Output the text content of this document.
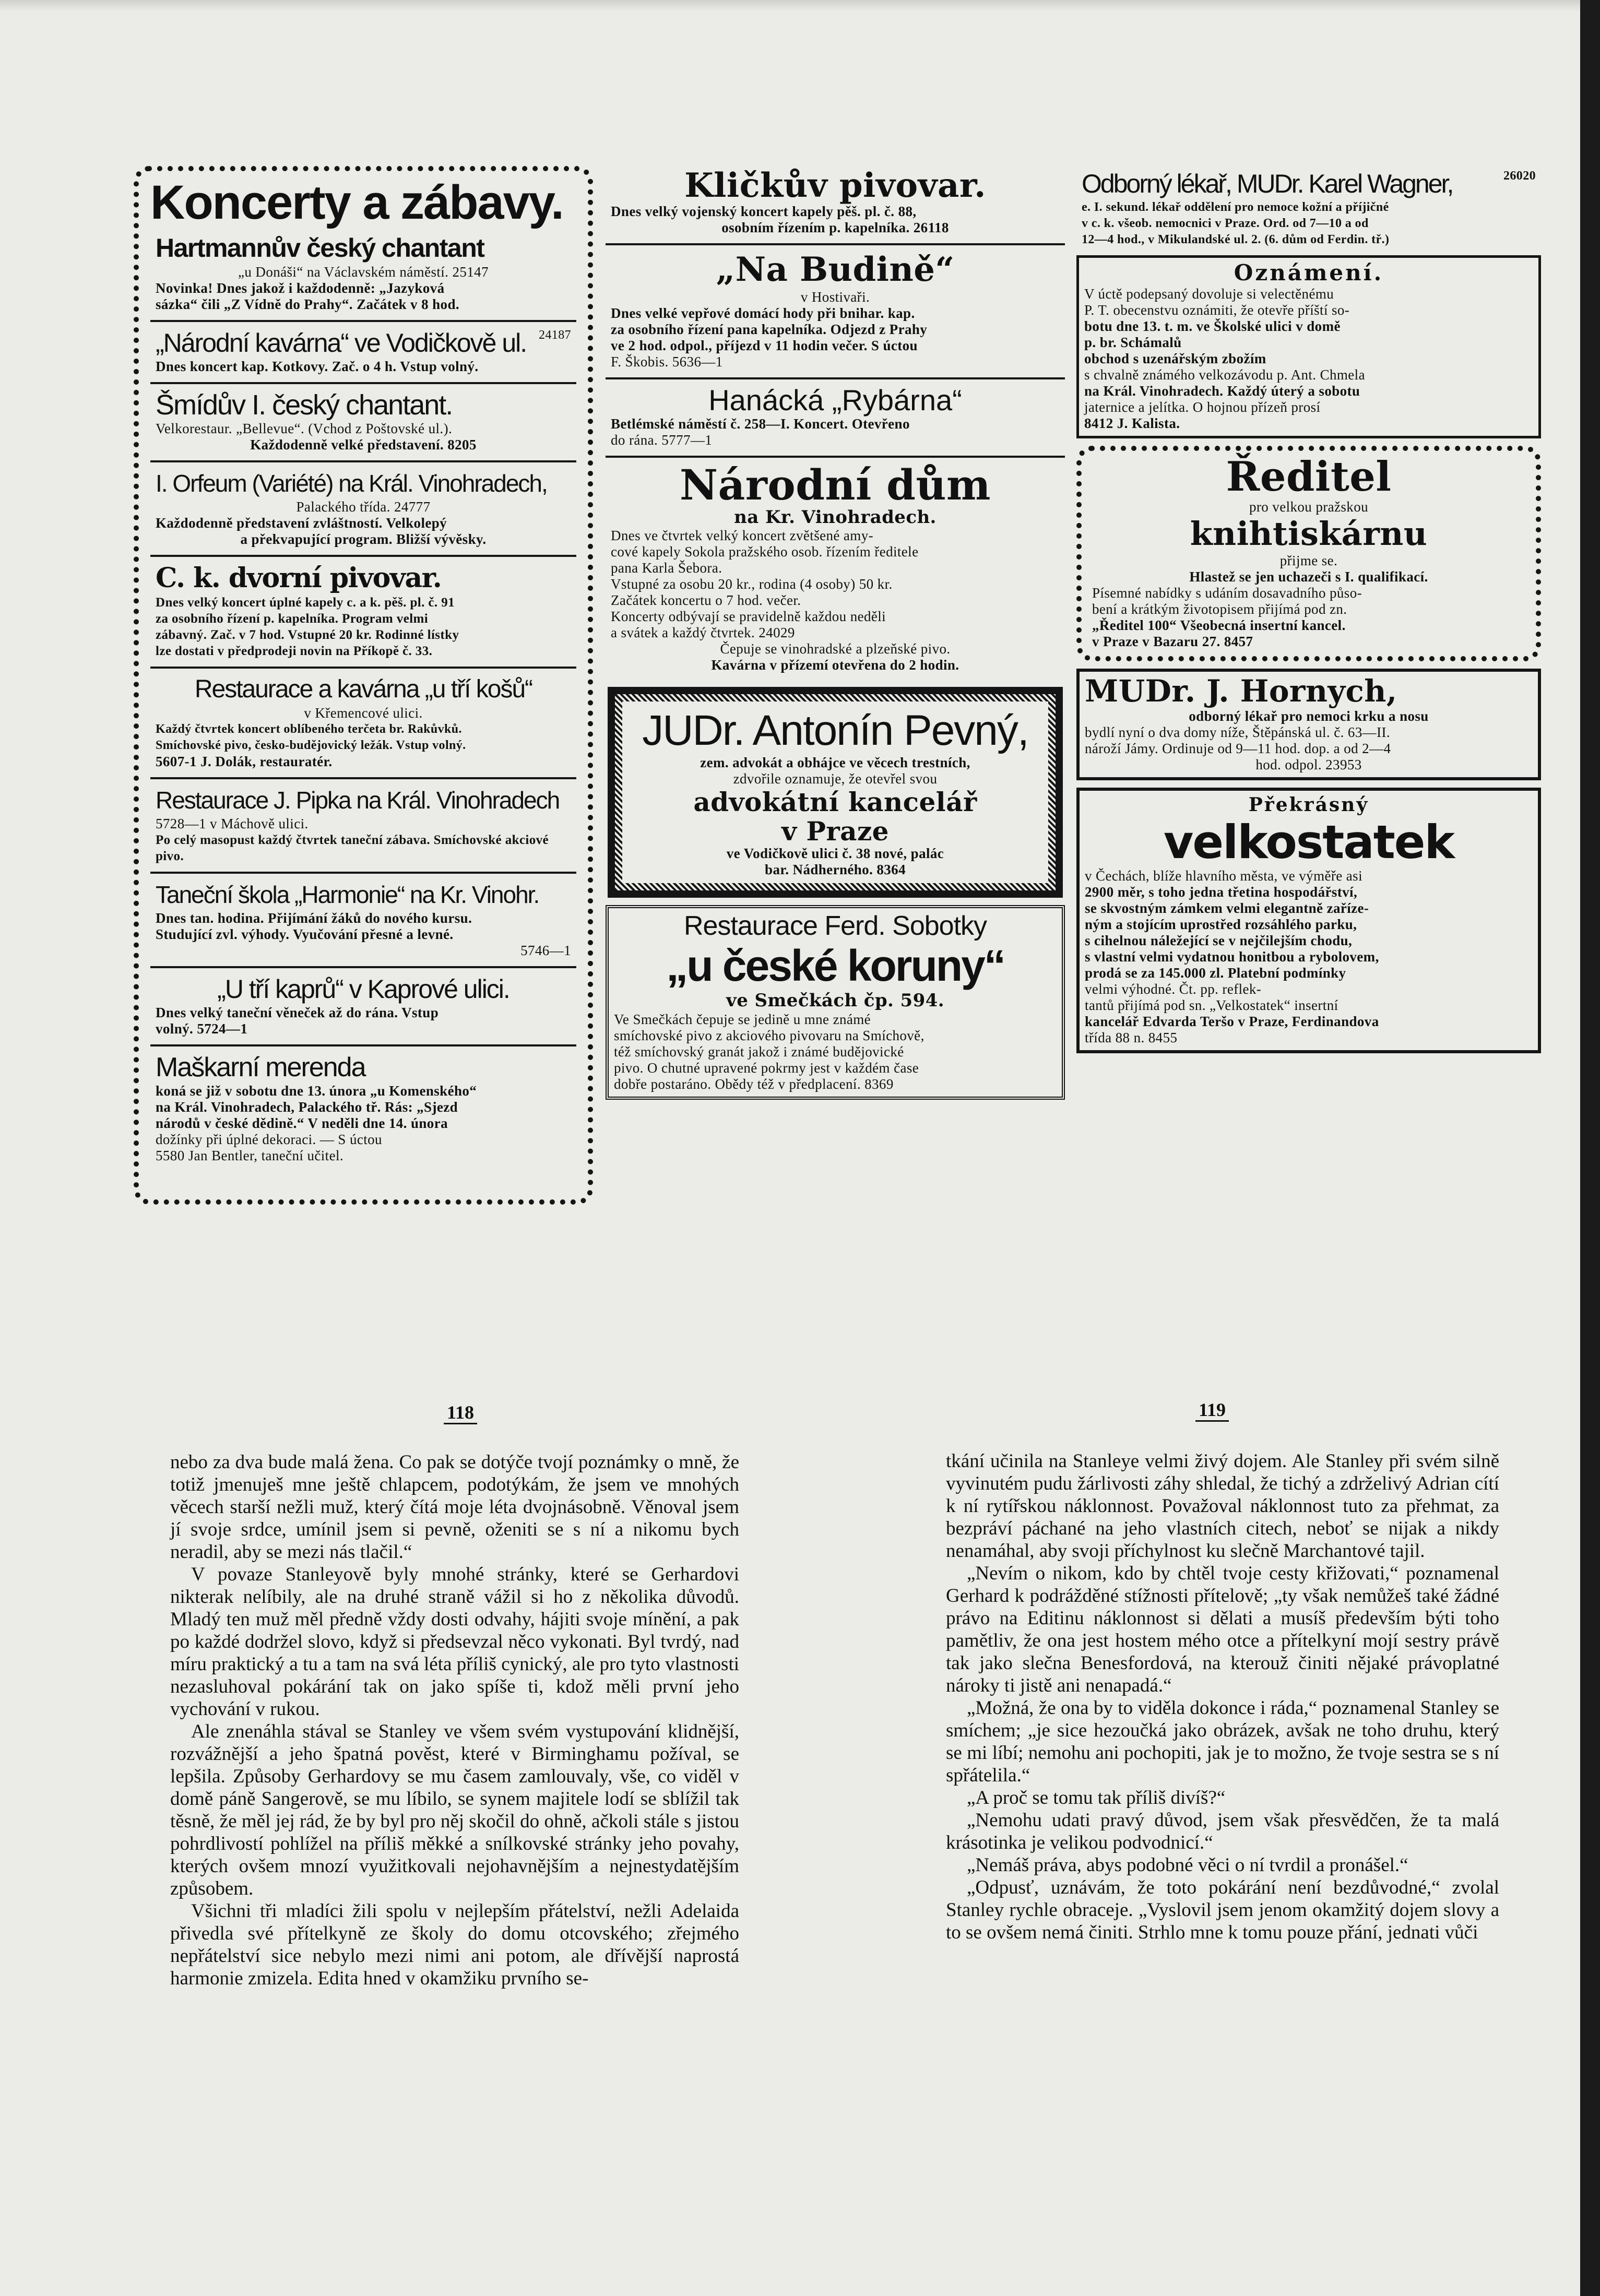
Koncerty a zábavy.
Hartmannův český chantant
„u Donáši“ na Václavském náměstí. 25147
Novinka! Dnes jakož i každodenně: „Jazyková
sázka“ čili „Z Vídně do Prahy“. Začátek v 8 hod.
„Národní kavárna“ ve Vodičkově ul. 24187
Dnes koncert kap. Kotkovy. Zač. o 4 h. Vstup volný.
Šmídův I. český chantant.
Velkorestaur. „Bellevue“. (Vchod z Poštovské ul.).
Každodenně velké představení. 8205
I. Orfeum (Variété) na Král. Vinohradech,
Palackého třída. 24777
Každodenně představení zvláštností. Velkolepý
a překvapující program. Bližší vývěsky.
C. k. dvorní pivovar.
Dnes velký koncert úplné kapely c. a k. pěš. pl. č. 91
za osobního řízení p. kapelníka. Program velmi
zábavný. Zač. v 7 hod. Vstupné 20 kr. Rodinné lístky
lze dostati v předprodeji novin na Příkopě č. 33.
Restaurace a kavárna „u tří košů“
v Křemencové ulici.
Každý čtvrtek koncert oblíbeného terčeta br. Rakůvků.
Smíchovské pivo, česko-budějovický ležák. Vstup volný.
5607-1 J. Dolák, restauratér.
Restaurace J. Pipka na Král. Vinohradech
5728—1 v Máchově ulici.
Po celý masopust každý čtvrtek taneční zábava. Smíchovské akciové pivo.
Taneční škola „Harmonie“ na Kr. Vinohr.
Dnes tan. hodina. Přijímání žáků do nového kursu.
Studující zvl. výhody. Vyučování přesné a levné.
5746—1
„U tří kaprů“ v Kaprové ulici.
Dnes velký taneční věneček až do rána. Vstup
volný. 5724—1
Maškarní merenda
koná se již v sobotu dne 13. února „u Komenského“
na Král. Vinohradech, Palackého tř. Rás: „Sjezd
národů v české dědině.“ V neděli dne 14. února
dožínky při úplné dekoraci. — S úctou
5580 Jan Bentler, taneční učitel.
Kličkův pivovar.
Dnes velký vojenský koncert kapely pěš. pl. č. 88,
osobním řízením p. kapelníka. 26118
„Na Budině“
v Hostivaři.
Dnes velké vepřové domácí hody při bnihar. kap.
za osobního řízení pana kapelníka. Odjezd z Prahy
ve 2 hod. odpol., příjezd v 11 hodin večer. S úctou
F. Škobis. 5636—1
Hanácká „Rybárna“
Betlémské náměstí č. 258—I. Koncert. Otevřeno
do rána. 5777—1
Národní dům
na Kr. Vinohradech.
Dnes ve čtvrtek velký koncert zvětšené amy-
cové kapely Sokola pražského osob. řízením ředitele
pana Karla Šebora.
Vstupné za osobu 20 kr., rodina (4 osoby) 50 kr.
Začátek koncertu o 7 hod. večer.
Koncerty odbývají se pravidelně každou neděli
a svátek a každý čtvrtek. 24029
Čepuje se vinohradské a plzeňské pivo.
Kavárna v přízemí otevřena do 2 hodin.
JUDr. Antonín Pevný,
zem. advokát a obhájce ve věcech trestních,
zdvořile oznamuje, že otevřel svou
advokátní kancelář
v Praze
ve Vodičkově ulici č. 38 nové, palác
bar. Nádherného. 8364
Restaurace Ferd. Sobotky
„u české koruny“
ve Smečkách čp. 594.
Ve Smečkách čepuje se jedině u mne známé
smíchovské pivo z akciového pivovaru na Smíchově,
též smíchovský granát jakož i známé budějovické
pivo. O chutné upravené pokrmy jest v každém čase
dobře postaráno. Obědy též v předplacení. 8369
Odborný lékař, MUDr. Karel Wagner,	26020
e. I. sekund. lékař oddělení pro nemoce kožní a příjičné
v c. k. všeob. nemocnici v Praze. Ord. od 7—10 a od
12—4 hod., v Mikulandské ul. 2. (6. dům od Ferdin. tř.)
Oznámení.
V úctě podepsaný dovoluje si velectěnému
P. T. obecenstvu oznámiti, že otevře příští so-
botu dne 13. t. m. ve Školské ulici v domě
p. br. Schámalů
obchod s uzenářským zbožím
s chvalně známého velkozávodu p. Ant. Chmela
na Král. Vinohradech. Každý úterý a sobotu
jaternice a jelítka. O hojnou přízeň prosí
8412 J. Kalista.
Ředitel
pro velkou pražskou
knihtiskárnu
přijme se.
Hlastež se jen uchazeči s I. qualifikací.
Písemné nabídky s udáním dosavadního půso-
bení a krátkým životopisem přijímá pod zn.
„Ředitel 100“ Všeobecná insertní kancel.
v Praze v Bazaru 27. 8457
MUDr. J. Hornych,
odborný lékař pro nemoci krku a nosu
bydlí nyní o dva domy níže, Štěpánská ul. č. 63—II.
nároží Jámy. Ordinuje od 9—11 hod. dop. a od 2—4
hod. odpol. 23953
Překrásný
velkostatek
v Čechách, blíže hlavního města, ve výměře asi
2900 měr, s toho jedna třetina hospodářství,
se skvostným zámkem velmi elegantně zaříze-
ným a stojícím uprostřed rozsáhlého parku,
s cihelnou náležející se v nejčilejším chodu,
s vlastní velmi vydatnou honitbou a rybolovem,
prodá se za 145.000 zl. Platební podmínky
velmi výhodné. Čt. pp. reflek-
tantů přijímá pod sn. „Velkostatek“ insertní
kancelář Edvarda Teršo v Praze, Ferdinandova
třída 88 n. 8455
118	119

nebo za dva bude malá žena. Co pak se dotýče tvojí poznámky o mně, že totiž jmenuješ mne ještě chlapcem, podotýkám, že jsem ve mnohých věcech starší nežli muž, který čítá moje léta dvojnásobně. Věnoval jsem jí svoje srdce, umínil jsem si pevně, oženiti se s ní a nikomu bych neradil, aby se mezi nás tlačil.“

V povaze Stanleyově byly mnohé stránky, které se Gerhardovi nikterak nelíbily, ale na druhé straně vážil si ho z několika důvodů. Mladý ten muž měl předně vždy dosti odvahy, hájiti svoje mínění, a pak po každé dodržel slovo, když si předsevzal něco vykonati. Byl tvrdý, nad míru praktický a tu a tam na svá léta příliš cynický, ale pro tyto vlastnosti nezasluhoval pokárání tak on jako spíše ti, kdož měli první jeho vychování v rukou.

Ale znenáhla stával se Stanley ve všem svém vystupování klidnější, rozvážnější a jeho špatná pověst, které v Birminghamu požíval, se lepšila. Způsoby Gerhardovy se mu časem zamlouvaly, vše, co viděl v domě páně Sangerově, se mu líbilo, se synem majitele lodí se sblížil tak těsně, že měl jej rád, že by byl pro něj skočil do ohně, ačkoli stále s jistou pohrdlivostí pohlížel na příliš měkké a snílkovské stránky jeho povahy, kterých ovšem mnozí využitkovali nejohavnějším a nejnestydatějším způsobem.

Všichni tři mladíci žili spolu v nejlepším přátelství, nežli Adelaida přivedla své přítelkyně ze školy do domu otcovského; zřejmého nepřátelství sice nebylo mezi nimi ani potom, ale dřívější naprostá harmonie zmizela. Edita hned v okamžiku prvního se-

tkání učinila na Stanleye velmi živý dojem. Ale Stanley při svém silně vyvinutém pudu žárlivosti záhy shledal, že tichý a zdrželivý Adrian cítí k ní rytířskou náklonnost. Považoval náklonnost tuto za přehmat, za bezpráví páchané na jeho vlastních citech, neboť se nijak a nikdy nenamáhal, aby svoji příchylnost ku slečně Marchantové tajil.

„Nevím o nikom, kdo by chtěl tvoje cesty křižovati,“ poznamenal Gerhard k podrážděné stížnosti přítelově; „ty však nemůžeš také žádné právo na Editinu náklonnost si dělati a musíš především býti toho pamětliv, že ona jest hostem mého otce a přítelkyní mojí sestry právě tak jako slečna Benesfordová, na kterouž činiti nějaké právoplatné nároky ti jistě ani nenapadá.“

„Možná, že ona by to viděla dokonce i ráda,“ poznamenal Stanley se smíchem; „je sice hezoučká jako obrázek, avšak ne toho druhu, který se mi líbí; nemohu ani pochopiti, jak je to možno, že tvoje sestra se s ní spřátelila.“

„A proč se tomu tak příliš divíš?“

„Nemohu udati pravý důvod, jsem však přesvědčen, že ta malá krásotinka je velikou podvodnicí.“

„Nemáš práva, abys podobné věci o ní tvrdil a pronášel.“

„Odpusť, uznávám, že toto pokárání není bezdůvodné,“ zvolal Stanley rychle obraceje. „Vyslovil jsem jenom okamžitý dojem slovy a to se ovšem nemá činiti. Strhlo mne k tomu pouze přání, jednati vůči
